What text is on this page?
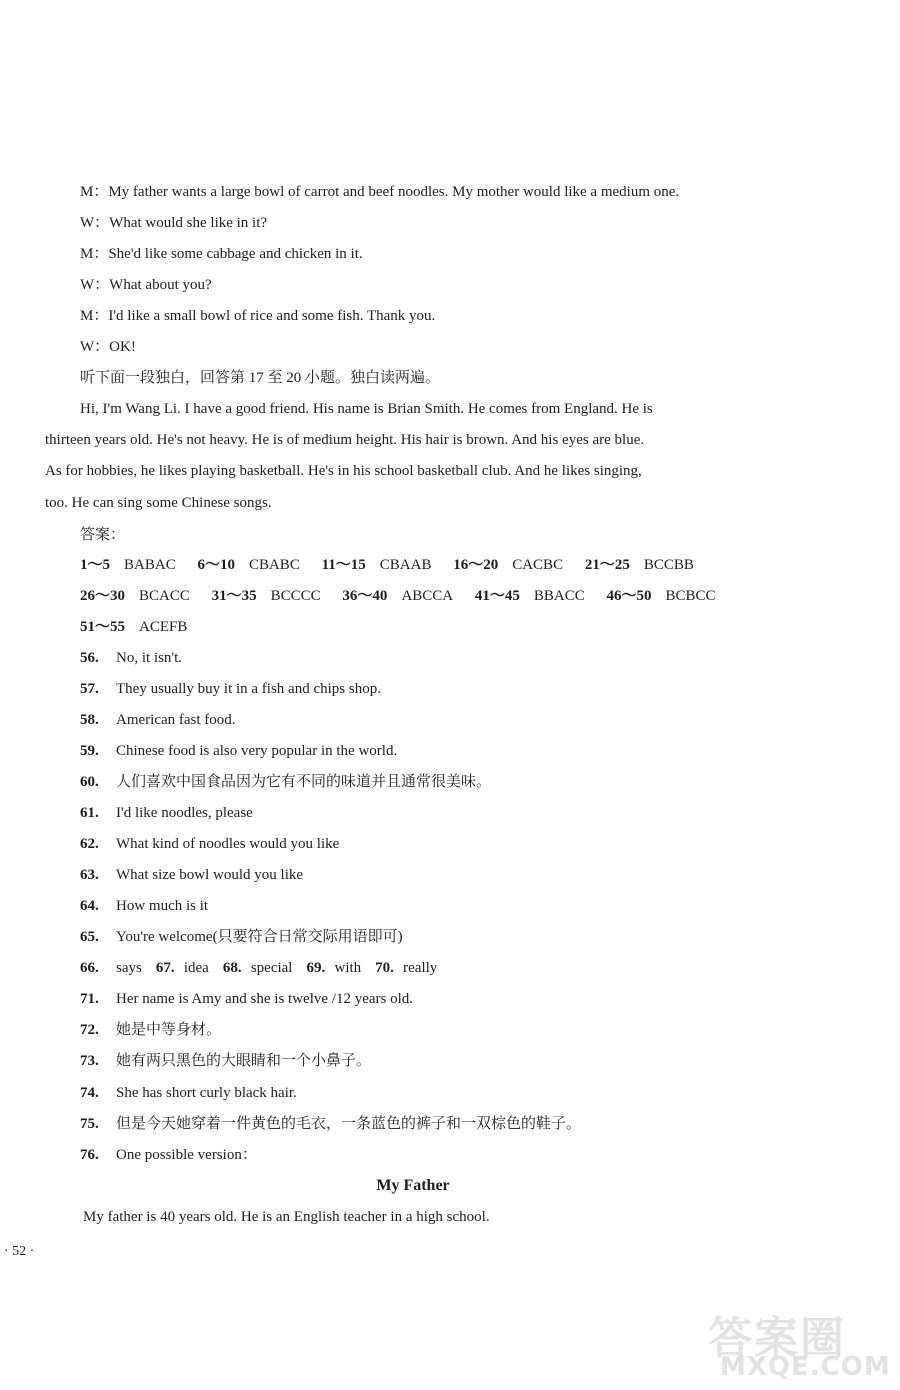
M：My father wants a large bowl of carrot and beef noodles. My mother would like a medium one.
W：What would she like in it?
M：She'd like some cabbage and chicken in it.
W：What about you?
M：I'd like a small bowl of rice and some fish. Thank you.
W：OK!
听下面一段独白，回答第 17 至 20 小题。独白读两遍。
Hi, I'm Wang Li. I have a good friend. His name is Brian Smith. He comes from England. He is
thirteen years old. He's not heavy. He is of medium height. His hair is brown. And his eyes are blue.
As for hobbies, he likes playing basketball. He's in his school basketball club. And he likes singing,
too. He can sing some Chinese songs.
答案：
1～5 BABAC 6～10 CBABC 11～15 CBAAB 16～20 CACBC 21～25 BCCBB
26～30 BCACC 31～35 BCCCC 36～40 ABCCA 41～45 BBACC 46～50 BCBCC
51～55 ACEFB
56. No, it isn't.
57. They usually buy it in a fish and chips shop.
58. American fast food.
59. Chinese food is also very popular in the world.
60. 人们喜欢中国食品因为它有不同的味道并且通常很美味。
61. I'd like noodles, please
62. What kind of noodles would you like
63. What size bowl would you like
64. How much is it
65. You're welcome(只要符合日常交际用语即可)
66. says 67. idea 68. special 69. with 70. really
71. Her name is Amy and she is twelve /12 years old.
72. 她是中等身材。
73. 她有两只黑色的大眼睛和一个小鼻子。
74. She has short curly black hair.
75. 但是今天她穿着一件黄色的毛衣，一条蓝色的裤子和一双棕色的鞋子。
76. One possible version：
My Father
My father is 40 years old. He is an English teacher in a high school.
· 52 ·
答案圈
MXQE.COM
